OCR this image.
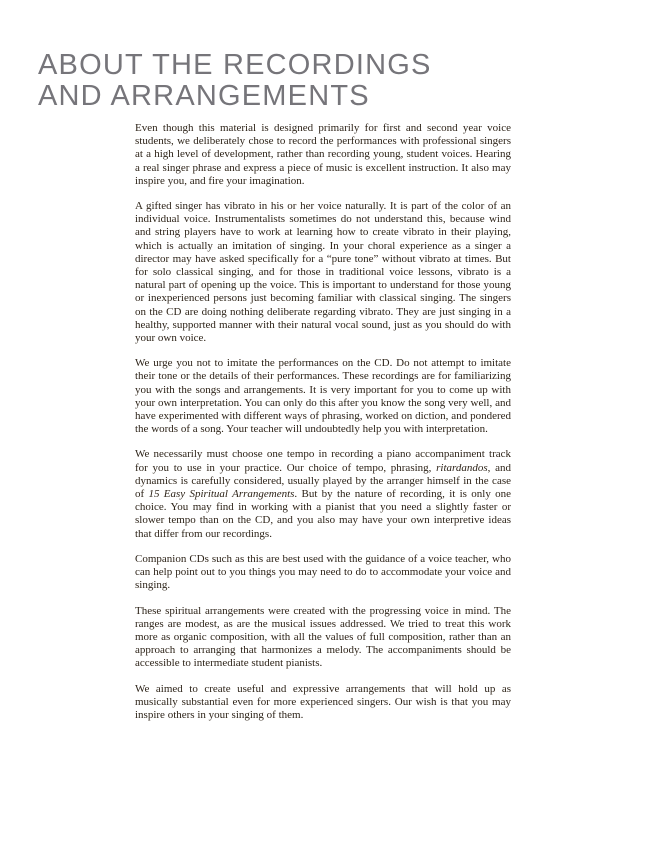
ABOUT THE RECORDINGS
AND ARRANGEMENTS

Even though this material is designed primarily for first and second year voice students, we deliberately chose to record the performances with professional singers at a high level of development, rather than recording young, student voices. Hearing a real singer phrase and express a piece of music is excellent instruction. It also may inspire you, and fire your imagination.

A gifted singer has vibrato in his or her voice naturally. It is part of the color of an individual voice. Instrumentalists sometimes do not understand this, because wind and string players have to work at learning how to create vibrato in their playing, which is actually an imitation of singing. In your choral experience as a singer a director may have asked specifically for a “pure tone” without vibrato at times. But for solo classical singing, and for those in traditional voice lessons, vibrato is a natural part of opening up the voice. This is important to understand for those young or inexperienced persons just becoming familiar with classical singing. The singers on the CD are doing nothing deliberate regarding vibrato. They are just singing in a healthy, supported manner with their natural vocal sound, just as you should do with your own voice.

We urge you not to imitate the performances on the CD. Do not attempt to imitate their tone or the details of their performances. These recordings are for familiarizing you with the songs and arrangements. It is very important for you to come up with your own interpretation. You can only do this after you know the song very well, and have experimented with different ways of phrasing, worked on diction, and pondered the words of a song. Your teacher will undoubtedly help you with interpretation.

We necessarily must choose one tempo in recording a piano accompaniment track for you to use in your practice. Our choice of tempo, phrasing, ritardandos, and dynamics is carefully considered, usually played by the arranger himself in the case of 15 Easy Spiritual Arrangements. But by the nature of recording, it is only one choice. You may find in working with a pianist that you need a slightly faster or slower tempo than on the CD, and you also may have your own interpretive ideas that differ from our recordings.

Companion CDs such as this are best used with the guidance of a voice teacher, who can help point out to you things you may need to do to accommodate your voice and singing.

These spiritual arrangements were created with the progressing voice in mind. The ranges are modest, as are the musical issues addressed. We tried to treat this work more as organic composition, with all the values of full composition, rather than an approach to arranging that harmonizes a melody. The accompaniments should be accessible to intermediate student pianists.

We aimed to create useful and expressive arrangements that will hold up as musically substantial even for more experienced singers. Our wish is that you may inspire others in your singing of them.
